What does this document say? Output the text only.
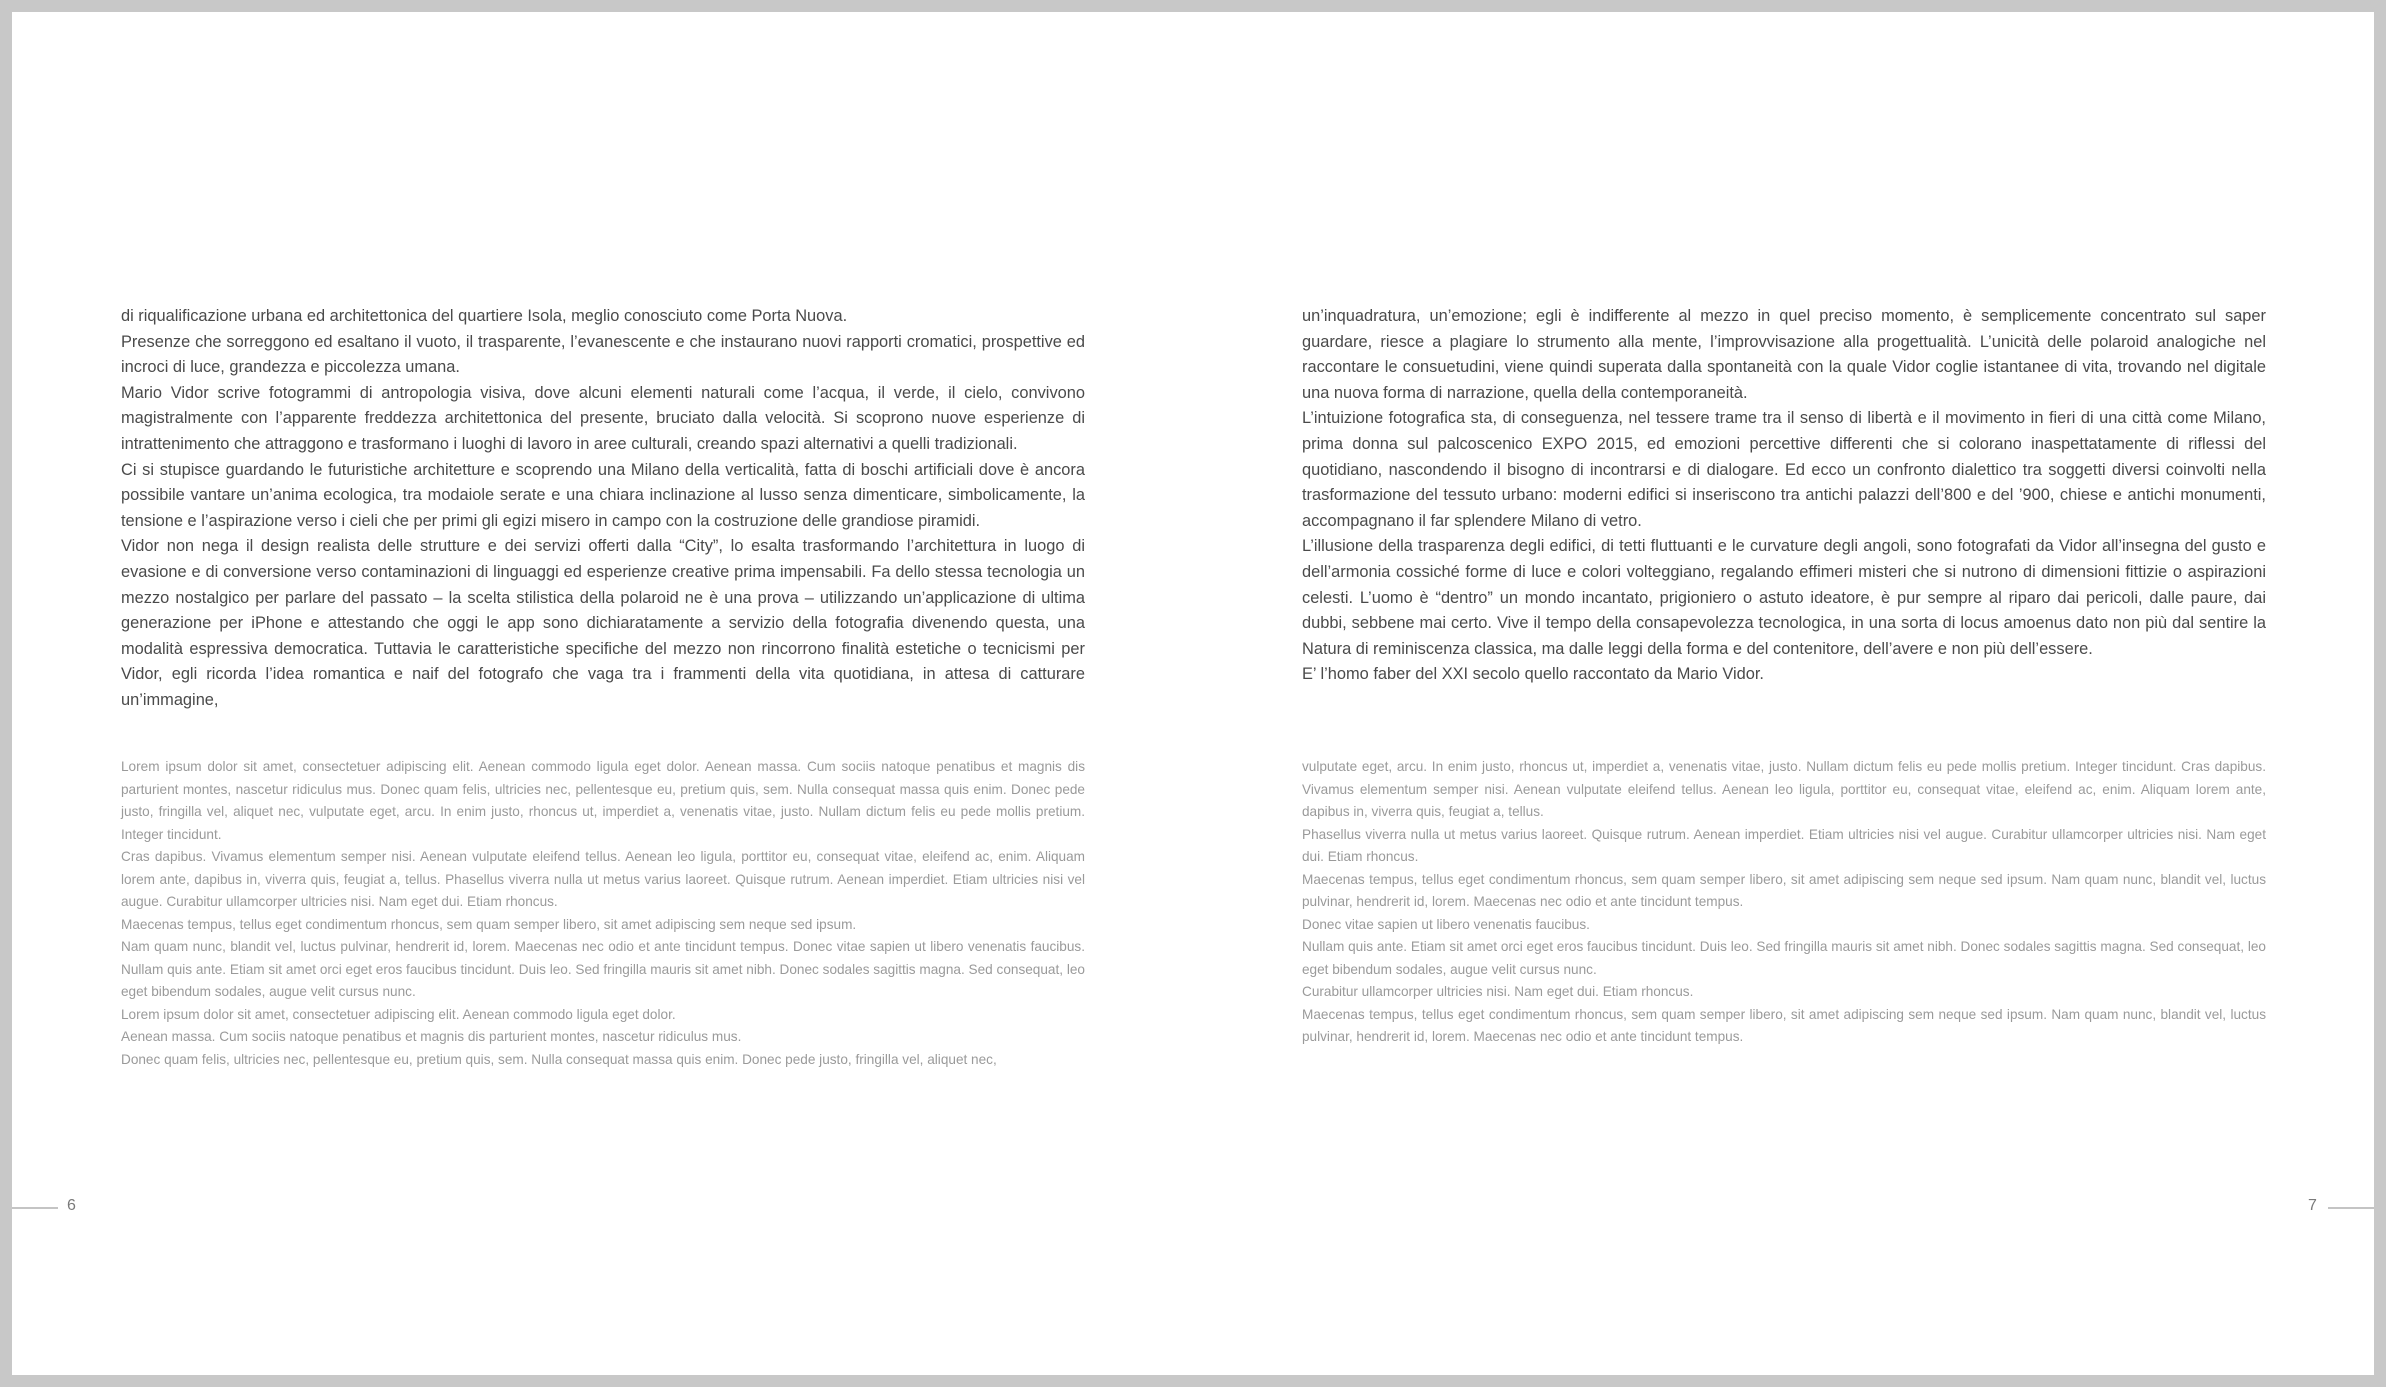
di riqualificazione urbana ed architettonica del quartiere Isola, meglio conosciuto come Porta Nuova.

Presenze che sorreggono ed esaltano il vuoto, il trasparente, l’evanescente e che instaurano nuovi rapporti cromatici, prospettive ed incroci di luce, grandezza e piccolezza umana.

Mario Vidor scrive fotogrammi di antropologia visiva, dove alcuni elementi naturali come l’acqua, il verde, il cielo, convivono magistralmente con l’apparente freddezza architettonica del presente, bruciato dalla velocità. Si scoprono nuove esperienze di intrattenimento che attraggono e trasformano i luoghi di lavoro in aree culturali, creando spazi alternativi a quelli tradizionali.

Ci si stupisce guardando le futuristiche architetture e scoprendo una Milano della verticalità, fatta di boschi artificiali dove è ancora possibile vantare un’anima ecologica, tra modaiole serate e una chiara inclinazione al lusso senza dimenticare, simbolicamente, la tensione e l’aspirazione verso i cieli che per primi gli egizi misero in campo con la costruzione delle grandiose piramidi.

Vidor non nega il design realista delle strutture e dei servizi offerti dalla “City”, lo esalta trasformando l’architettura in luogo di evasione e di conversione verso contaminazioni di linguaggi ed esperienze creative prima impensabili. Fa dello stessa tecnologia un mezzo nostalgico per parlare del passato – la scelta stilistica della polaroid ne è una prova – utilizzando un’applicazione di ultima generazione per iPhone e attestando che oggi le app sono dichiaratamente a servizio della fotografia divenendo questa, una modalità espressiva democratica. Tuttavia le caratteristiche specifiche del mezzo non rincorrono finalità estetiche o tecnicismi per Vidor, egli ricorda l’idea romantica e naif del fotografo che vaga tra i frammenti della vita quotidiana, in attesa di catturare un’immagine,

Lorem ipsum dolor sit amet, consectetuer adipiscing elit. Aenean commodo ligula eget dolor. Aenean massa. Cum sociis natoque penatibus et magnis dis parturient montes, nascetur ridiculus mus. Donec quam felis, ultricies nec, pellentesque eu, pretium quis, sem. Nulla consequat massa quis enim. Donec pede justo, fringilla vel, aliquet nec, vulputate eget, arcu. In enim justo, rhoncus ut, imperdiet a, venenatis vitae, justo. Nullam dictum felis eu pede mollis pretium. Integer tincidunt.

Cras dapibus. Vivamus elementum semper nisi. Aenean vulputate eleifend tellus. Aenean leo ligula, porttitor eu, consequat vitae, eleifend ac, enim. Aliquam lorem ante, dapibus in, viverra quis, feugiat a, tellus. Phasellus viverra nulla ut metus varius laoreet. Quisque rutrum. Aenean imperdiet. Etiam ultricies nisi vel augue. Curabitur ullamcorper ultricies nisi. Nam eget dui. Etiam rhoncus.

Maecenas tempus, tellus eget condimentum rhoncus, sem quam semper libero, sit amet adipiscing sem neque sed ipsum.

Nam quam nunc, blandit vel, luctus pulvinar, hendrerit id, lorem. Maecenas nec odio et ante tincidunt tempus. Donec vitae sapien ut libero venenatis faucibus. Nullam quis ante. Etiam sit amet orci eget eros faucibus tincidunt. Duis leo. Sed fringilla mauris sit amet nibh. Donec sodales sagittis magna. Sed consequat, leo eget bibendum sodales, augue velit cursus nunc.

Lorem ipsum dolor sit amet, consectetuer adipiscing elit. Aenean commodo ligula eget dolor.

Aenean massa. Cum sociis natoque penatibus et magnis dis parturient montes, nascetur ridiculus mus.

Donec quam felis, ultricies nec, pellentesque eu, pretium quis, sem. Nulla consequat massa quis enim. Donec pede justo, fringilla vel, aliquet nec,

6

un’inquadratura, un’emozione; egli è indifferente al mezzo in quel preciso momento, è semplicemente concentrato sul saper guardare, riesce a plagiare lo strumento alla mente, l’improvvisazione alla progettualità. L’unicità delle polaroid analogiche nel raccontare le consuetudini, viene quindi superata dalla spontaneità con la quale Vidor coglie istantanee di vita, trovando nel digitale una nuova forma di narrazione, quella della contemporaneità.

L’intuizione fotografica sta, di conseguenza, nel tessere trame tra il senso di libertà e il movimento in fieri di una città come Milano, prima donna sul palcoscenico EXPO 2015, ed emozioni percettive differenti che si colorano inaspettatamente di riflessi del quotidiano, nascondendo il bisogno di incontrarsi e di dialogare. Ed ecco un confronto dialettico tra soggetti diversi coinvolti nella trasformazione del tessuto urbano: moderni edifici si inseriscono tra antichi palazzi dell’800 e del ’900, chiese e antichi monumenti, accompagnano il far splendere Milano di vetro.

L’illusione della trasparenza degli edifici, di tetti fluttuanti e le curvature degli angoli, sono fotografati da Vidor all’insegna del gusto e dell’armonia cossiché forme di luce e colori volteggiano, regalando effimeri misteri che si nutrono di dimensioni fittizie o aspirazioni celesti. L’uomo è “dentro” un mondo incantato, prigioniero o astuto ideatore, è pur sempre al riparo dai pericoli, dalle paure, dai dubbi, sebbene mai certo. Vive il tempo della consapevolezza tecnologica, in una sorta di locus amoenus dato non più dal sentire la Natura di reminiscenza classica, ma dalle leggi della forma e del contenitore, dell’avere e non più dell’essere.

E’ l’homo faber del XXI secolo quello raccontato da Mario Vidor.

vulputate eget, arcu. In enim justo, rhoncus ut, imperdiet a, venenatis vitae, justo. Nullam dictum felis eu pede mollis pretium. Integer tincidunt. Cras dapibus. Vivamus elementum semper nisi. Aenean vulputate eleifend tellus. Aenean leo ligula, porttitor eu, consequat vitae, eleifend ac, enim. Aliquam lorem ante, dapibus in, viverra quis, feugiat a, tellus.

Phasellus viverra nulla ut metus varius laoreet. Quisque rutrum. Aenean imperdiet. Etiam ultricies nisi vel augue. Curabitur ullamcorper ultricies nisi. Nam eget dui. Etiam rhoncus.

Maecenas tempus, tellus eget condimentum rhoncus, sem quam semper libero, sit amet adipiscing sem neque sed ipsum. Nam quam nunc, blandit vel, luctus pulvinar, hendrerit id, lorem. Maecenas nec odio et ante tincidunt tempus.

Donec vitae sapien ut libero venenatis faucibus.

Nullam quis ante. Etiam sit amet orci eget eros faucibus tincidunt. Duis leo. Sed fringilla mauris sit amet nibh. Donec sodales sagittis magna. Sed consequat, leo eget bibendum sodales, augue velit cursus nunc.

Curabitur ullamcorper ultricies nisi. Nam eget dui. Etiam rhoncus.

Maecenas tempus, tellus eget condimentum rhoncus, sem quam semper libero, sit amet adipiscing sem neque sed ipsum. Nam quam nunc, blandit vel, luctus pulvinar, hendrerit id, lorem. Maecenas nec odio et ante tincidunt tempus.

7
